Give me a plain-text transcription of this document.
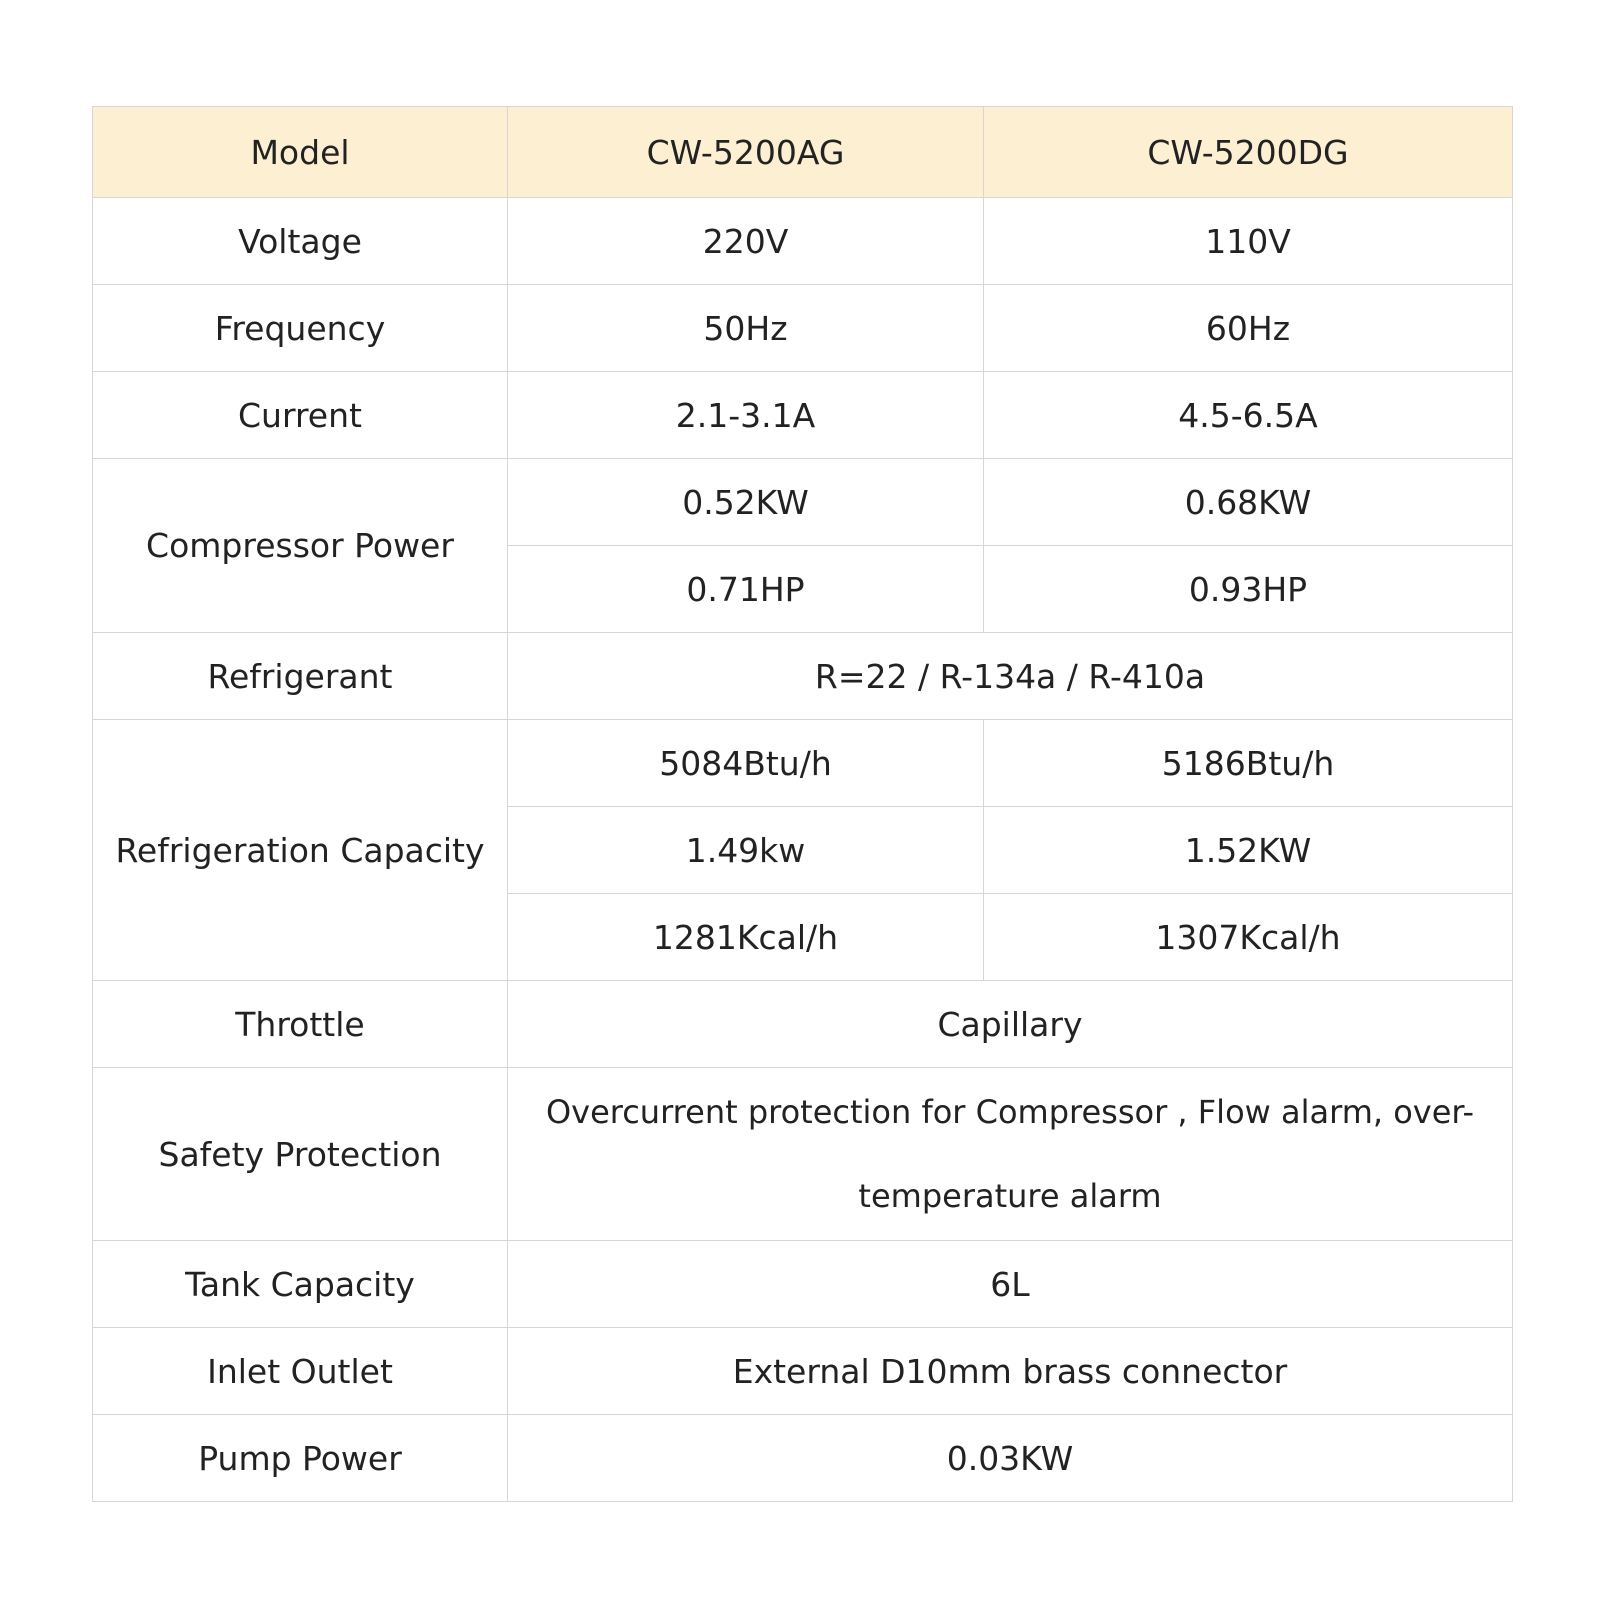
Model	CW-5200AG	CW-5200DG
Voltage	220V	110V
Frequency	50Hz	60Hz
Current	2.1-3.1A	4.5-6.5A
Compressor Power	0.52KW	0.68KW
	0.71HP	0.93HP
Refrigerant	R=22 / R-134a / R-410a	
Refrigeration Capacity	5084Btu/h	5186Btu/h
	1.49kw	1.52KW
	1281Kcal/h	1307Kcal/h
Throttle	Capillary	
Safety Protection	Overcurrent protection for Compressor , Flow alarm, over-temperature alarm	
Tank Capacity	6L	
Inlet Outlet	External D10mm brass connector	
Pump Power	0.03KW	
